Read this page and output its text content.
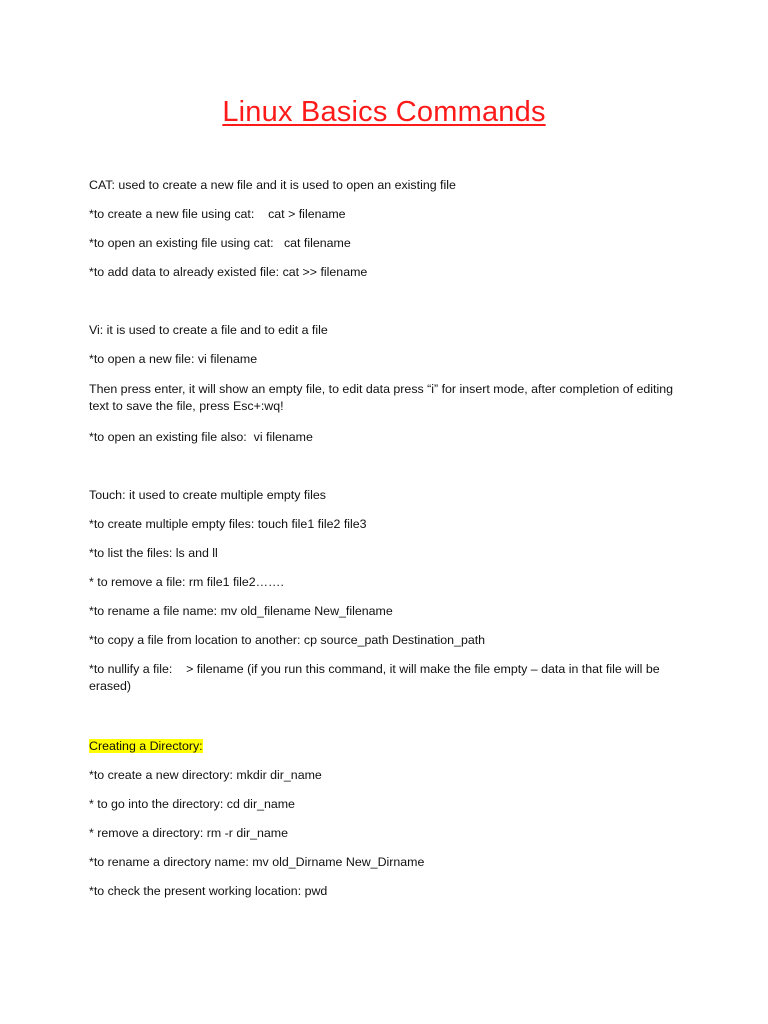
Linux Basics Commands
CAT: used to create a new file and it is used to open an existing file
*to create a new file using cat: cat > filename
*to open an existing file using cat: cat filename
*to add data to already existed file: cat >> filename
Vi: it is used to create a file and to edit a file
*to open a new file: vi filename
Then press enter, it will show an empty file, to edit data press “i” for insert mode, after completion of editing text to save the file, press Esc+:wq!
*to open an existing file also: vi filename
Touch: it used to create multiple empty files
*to create multiple empty files: touch file1 file2 file3
*to list the files: ls and ll
* to remove a file: rm file1 file2…….
*to rename a file name: mv old_filename New_filename
*to copy a file from location to another: cp source_path Destination_path
*to nullify a file: > filename (if you run this command, it will make the file empty – data in that file will be erased)
Creating a Directory:
*to create a new directory: mkdir dir_name
* to go into the directory: cd dir_name
* remove a directory: rm -r dir_name
*to rename a directory name: mv old_Dirname New_Dirname
*to check the present working location: pwd
